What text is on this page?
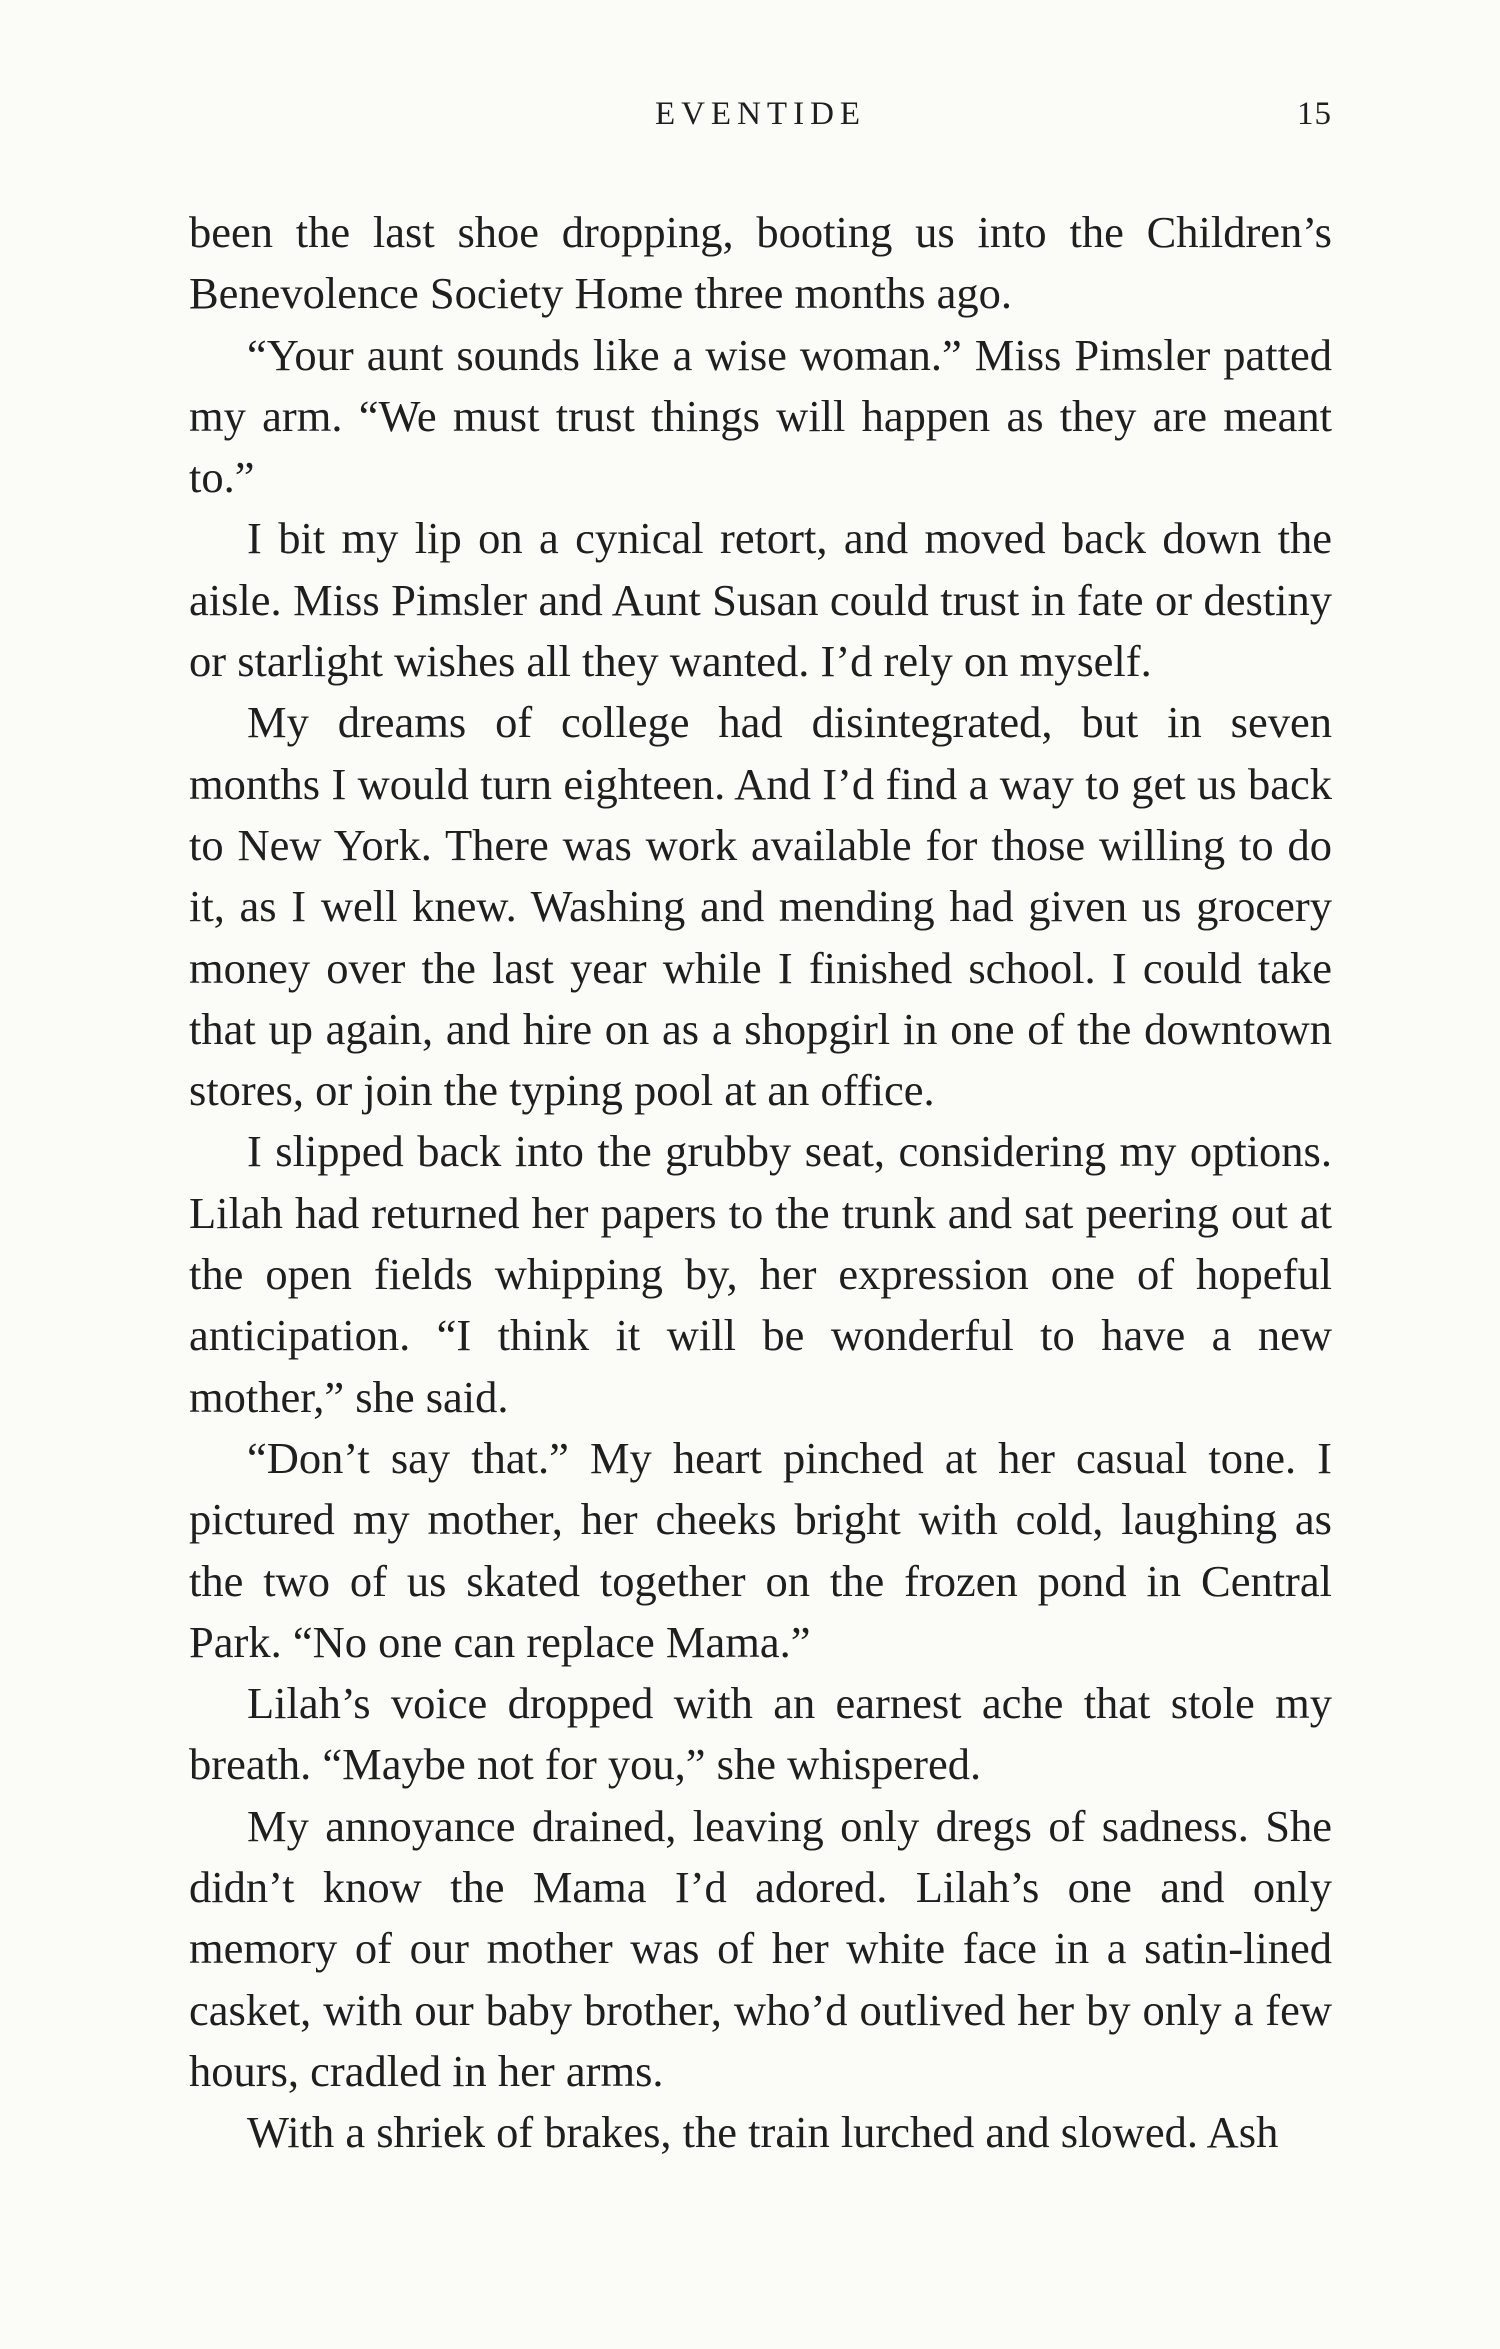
EVENTIDE	15

been the last shoe dropping, booting us into the Children’s Benevolence Society Home three months ago.

“Your aunt sounds like a wise woman.” Miss Pimsler patted my arm. “We must trust things will happen as they are meant to.”

I bit my lip on a cynical retort, and moved back down the aisle. Miss Pimsler and Aunt Susan could trust in fate or destiny or starlight wishes all they wanted. I’d rely on myself.

My dreams of college had disintegrated, but in seven months I would turn eighteen. And I’d find a way to get us back to New York. There was work available for those willing to do it, as I well knew. Washing and mending had given us grocery money over the last year while I finished school. I could take that up again, and hire on as a shopgirl in one of the downtown stores, or join the typing pool at an office.

I slipped back into the grubby seat, considering my options. Lilah had returned her papers to the trunk and sat peering out at the open fields whipping by, her expression one of hopeful anticipation. “I think it will be wonderful to have a new mother,” she said.

“Don’t say that.” My heart pinched at her casual tone. I pictured my mother, her cheeks bright with cold, laughing as the two of us skated together on the frozen pond in Central Park. “No one can replace Mama.”

Lilah’s voice dropped with an earnest ache that stole my breath. “Maybe not for you,” she whispered.

My annoyance drained, leaving only dregs of sadness. She didn’t know the Mama I’d adored. Lilah’s one and only memory of our mother was of her white face in a satin-lined casket, with our baby brother, who’d outlived her by only a few hours, cradled in her arms.

With a shriek of brakes, the train lurched and slowed. Ash
